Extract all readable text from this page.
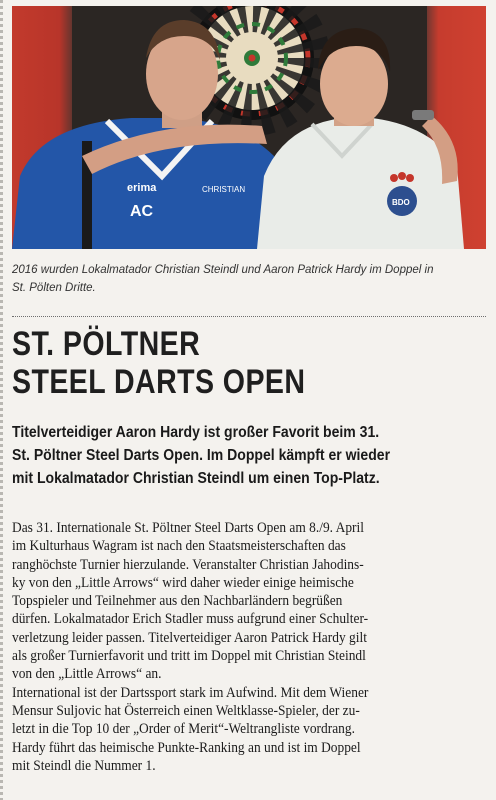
erima	CHRISTIAN
AC
BDO
2016 wurden Lokalmatador Christian Steindl und Aaron Patrick Hardy im Doppel in
St. Pölten Dritte.
ST. PÖLTNER
STEEL DARTS OPEN
Titelverteidiger Aaron Hardy ist großer Favorit beim 31.
St. Pöltner Steel Darts Open. Im Doppel kämpft er wieder
mit Lokalmatador Christian Steindl um einen Top-Platz.
Das 31. Internationale St. Pöltner Steel Darts Open am 8./9. April
im Kulturhaus Wagram ist nach den Staatsmeisterschaften das
ranghöchste Turnier hierzulande. Veranstalter Christian Jahodins-
ky von den „Little Arrows“ wird daher wieder einige heimische
Topspieler und Teilnehmer aus den Nachbarländern begrüßen
dürfen. Lokalmatador Erich Stadler muss aufgrund einer Schulter-
verletzung leider passen. Titelverteidiger Aaron Patrick Hardy gilt
als großer Turnierfavorit und tritt im Doppel mit Christian Steindl
von den „Little Arrows“ an.
International ist der Dartssport stark im Aufwind. Mit dem Wiener
Mensur Suljovic hat Österreich einen Weltklasse-Spieler, der zu-
letzt in die Top 10 der „Order of Merit“-Weltrangliste vordrang.
Hardy führt das heimische Punkte-Ranking an und ist im Doppel
mit Steindl die Nummer 1.
